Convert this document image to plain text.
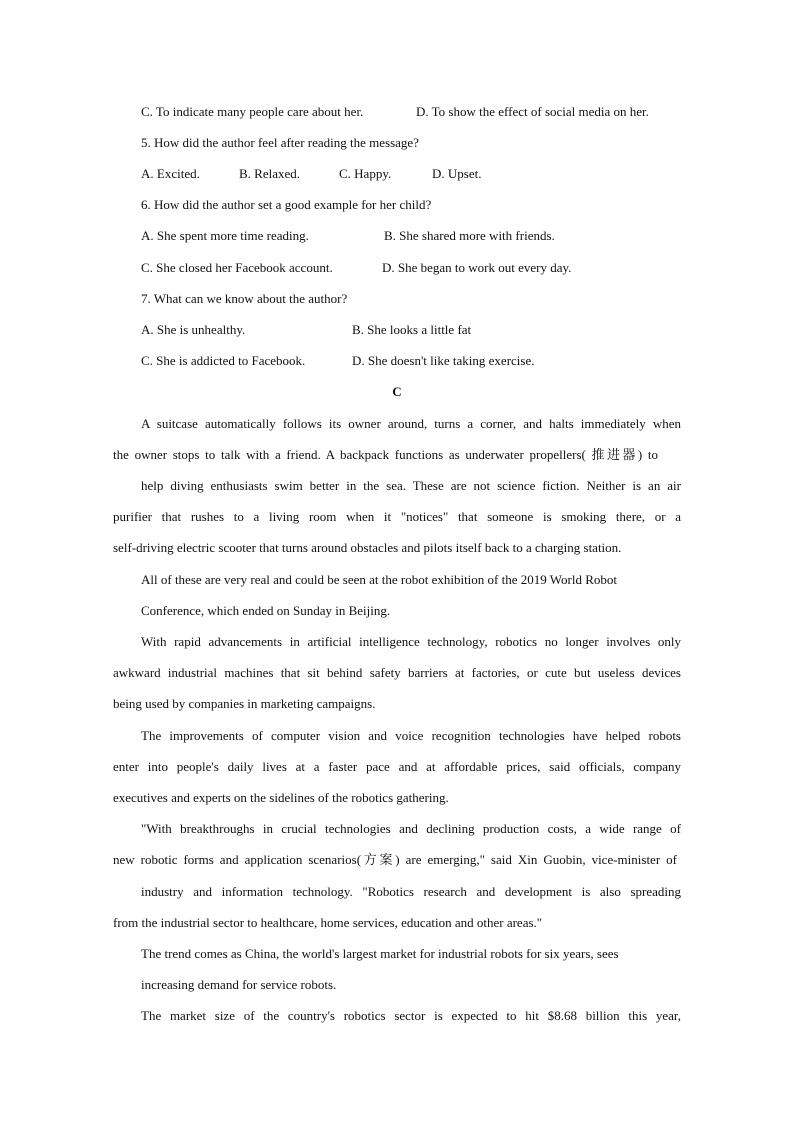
C. To indicate many people care about her.	D. To show the effect of social media on her.
5. How did the author feel after reading the message?
A. Excited.	B. Relaxed.	C. Happy.	D. Upset.
6. How did the author set a good example for her child?
A. She spent more time reading.	B. She shared more with friends.
C. She closed her Facebook account.	D. She began to work out every day.
7. What can we know about the author?
A. She is unhealthy.	B. She looks a little fat
C. She is addicted to Facebook.	D. She doesn't like taking exercise.
C
A suitcase automatically follows its owner around, turns a corner, and halts immediately when
the owner stops to talk with a friend. A backpack functions as underwater propellers( 推进器) to
help diving enthusiasts swim better in the sea. These are not science fiction. Neither is an air
purifier that rushes to a living room when it "notices" that someone is smoking there, or a
self-driving electric scooter that turns around obstacles and pilots itself back to a charging station.
All of these are very real and could be seen at the robot exhibition of the 2019 World Robot
Conference, which ended on Sunday in Beijing.
With rapid advancements in artificial intelligence technology, robotics no longer involves only
awkward industrial machines that sit behind safety barriers at factories, or cute but useless devices
being used by companies in marketing campaigns.
The improvements of computer vision and voice recognition technologies have helped robots
enter into people's daily lives at a faster pace and at affordable prices, said officials, company
executives and experts on the sidelines of the robotics gathering.
"With breakthroughs in crucial technologies and declining production costs, a wide range of
new robotic forms and application scenarios(方案) are emerging," said Xin Guobin, vice-minister of
industry and information technology. "Robotics research and development is also spreading
from the industrial sector to healthcare, home services, education and other areas."
The trend comes as China, the world's largest market for industrial robots for six years, sees
increasing demand for service robots.
The market size of the country's robotics sector is expected to hit $8.68 billion this year,
